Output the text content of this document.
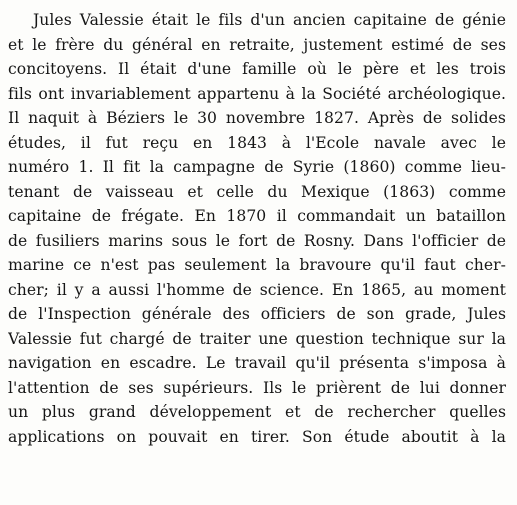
Jules Valessie était le fils d'un ancien capitaine de génie
et le frère du général en retraite, justement estimé de ses
concitoyens. Il était d'une famille où le père et les trois
fils ont invariablement appartenu à la Société archéologique.
Il naquit à Béziers le 30 novembre 1827. Après de solides
études, il fut reçu en 1843 à l'Ecole navale avec le
numéro 1. Il fit la campagne de Syrie (1860) comme lieu-
tenant de vaisseau et celle du Mexique (1863) comme
capitaine de frégate. En 1870 il commandait un bataillon
de fusiliers marins sous le fort de Rosny. Dans l'officier de
marine ce n'est pas seulement la bravoure qu'il faut cher-
cher; il y a aussi l'homme de science. En 1865, au moment
de l'Inspection générale des officiers de son grade, Jules
Valessie fut chargé de traiter une question technique sur la
navigation en escadre. Le travail qu'il présenta s'imposa à
l'attention de ses supérieurs. Ils le prièrent de lui donner
un plus grand développement et de rechercher quelles
applications on pouvait en tirer. Son étude aboutit à la
